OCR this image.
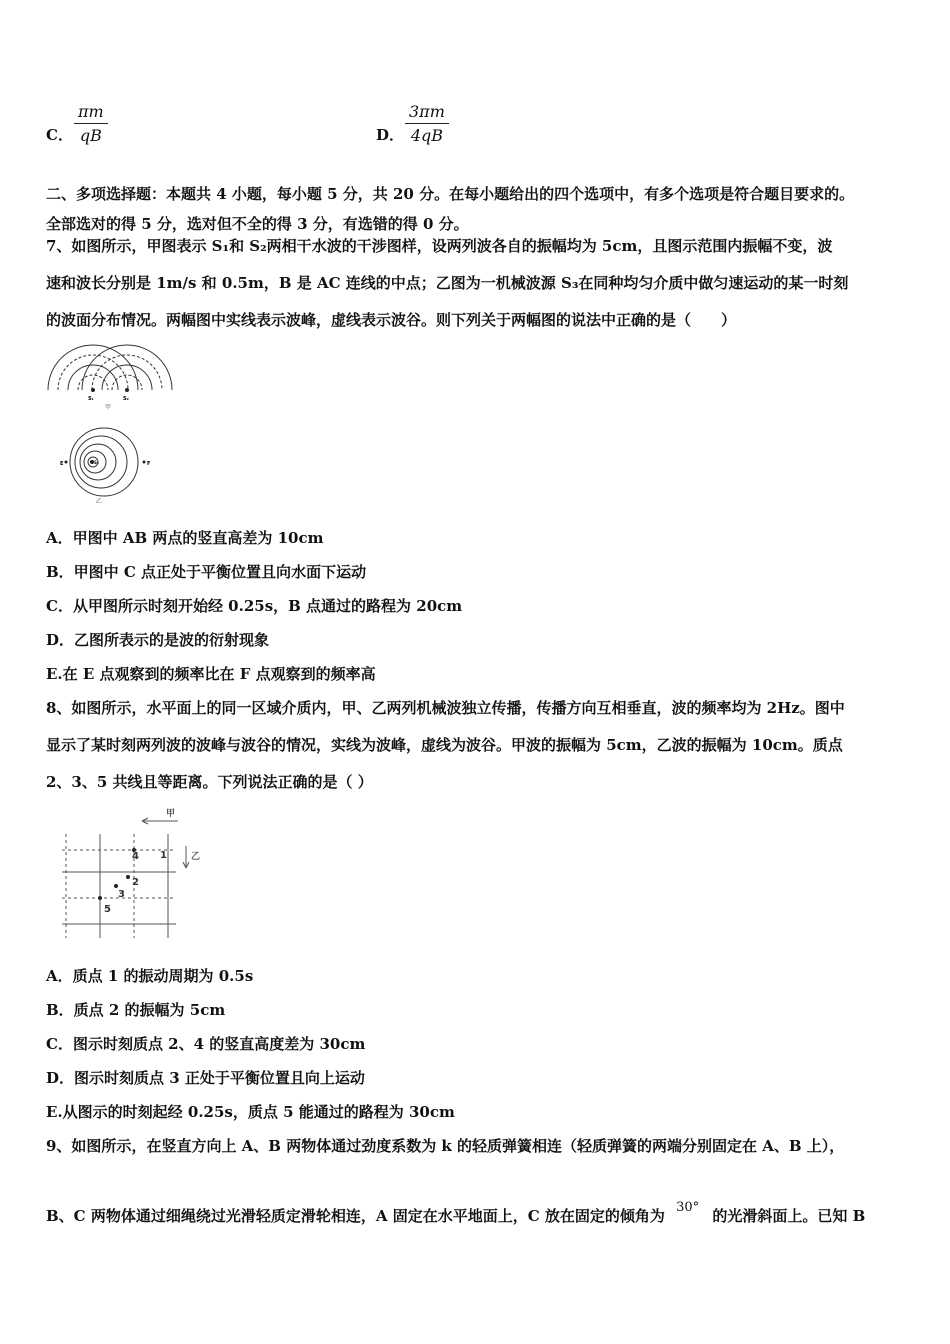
C． $\frac{\pi m}{qB}$	D． $\frac{3\pi m}{4qB}$
二、多项选择题：本题共 4 小题，每小题 5 分，共 20 分。在每小题给出的四个选项中，有多个选项是符合题目要求的。
全部选对的得 5 分，选对但不全的得 3 分，有选错的得 0 分。
7、如图所示，甲图表示 S₁和 S₂两相干水波的干涉图样，设两列波各自的振幅均为 5cm，且图示范围内振幅不变，波
速和波长分别是 1m/s 和 0.5m，B 是 AC 连线的中点；乙图为一机械波源 S₃在同种均匀介质中做匀速运动的某一时刻
的波面分布情况。两幅图中实线表示波峰，虚线表示波谷。则下列关于两幅图的说法中正确的是（　　）
S₁	S₂
甲
E	F
S₃
乙
A．甲图中 AB 两点的竖直高差为 10cm
B．甲图中 C 点正处于平衡位置且向水面下运动
C．从甲图所示时刻开始经 0.25s，B 点通过的路程为 20cm
D．乙图所表示的是波的衍射现象
E.在 E 点观察到的频率比在 F 点观察到的频率高
8、如图所示，水平面上的同一区域介质内，甲、乙两列机械波独立传播，传播方向互相垂直，波的频率均为 2Hz。图中
显示了某时刻两列波的波峰与波谷的情况，实线为波峰，虚线为波谷。甲波的振幅为 5cm，乙波的振幅为 10cm。质点
2、3、5 共线且等距离。下列说法正确的是（ ）
甲
乙
1
2
3
4
5
A．质点 1 的振动周期为 0.5s
B．质点 2 的振幅为 5cm
C．图示时刻质点 2、4 的竖直高度差为 30cm
D．图示时刻质点 3 正处于平衡位置且向上运动
E.从图示的时刻起经 0.25s，质点 5 能通过的路程为 30cm
9、如图所示，在竖直方向上 A、B 两物体通过劲度系数为 k 的轻质弹簧相连（轻质弹簧的两端分别固定在 A、B 上），
B、C 两物体通过细绳绕过光滑轻质定滑轮相连，A 固定在水平地面上，C 放在固定的倾角为 30° 的光滑斜面上。已知 B
